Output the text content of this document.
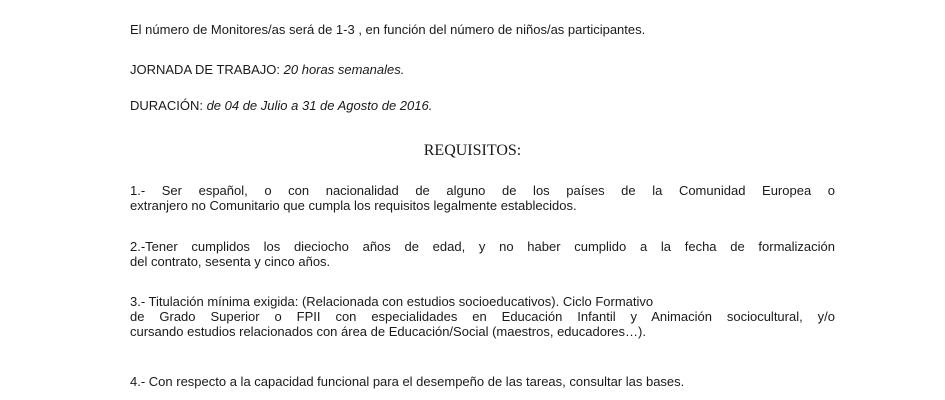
El número de Monitores/as será de 1-3 , en función del número de niños/as participantes.
JORNADA DE TRABAJO: 20 horas semanales.
DURACIÓN: de 04 de Julio a 31 de Agosto de 2016.
REQUISITOS:
1.- Ser español, o con nacionalidad de alguno de los países de la Comunidad Europea o
extranjero no Comunitario que cumpla los requisitos legalmente establecidos.
2.-Tener cumplidos los dieciocho años de edad, y no haber cumplido a la fecha de formalización
del contrato, sesenta y cinco años.
3.- Titulación mínima exigida: (Relacionada con estudios socioeducativos). Ciclo Formativo
de Grado Superior o FPII con especialidades en Educación Infantil y Animación sociocultural, y/o
cursando estudios relacionados con área de Educación/Social (maestros, educadores…).
4.- Con respecto a la capacidad funcional para el desempeño de las tareas, consultar las bases.
